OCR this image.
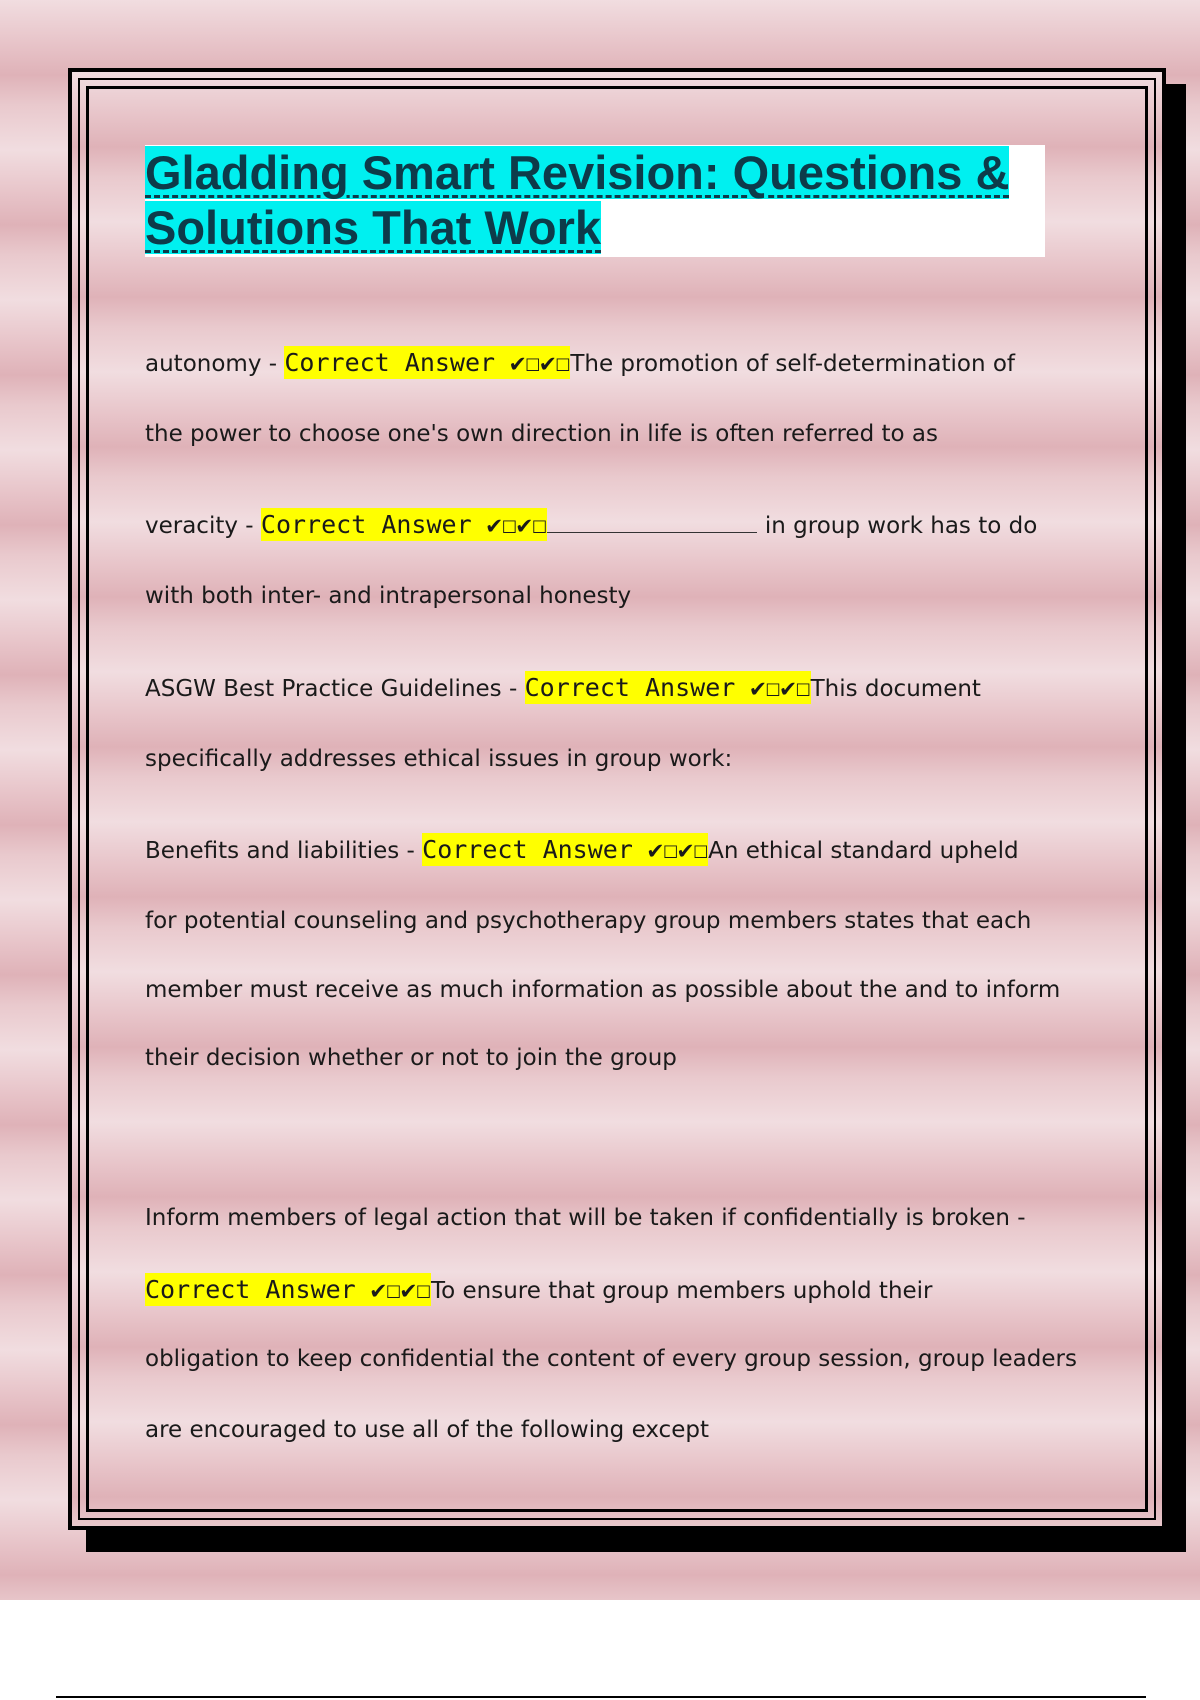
Gladding Smart Revision: Questions & Solutions That Work
autonomy - Correct Answer ✔☐✔☐The promotion of self-determination of
the power to choose one's own direction in life is often referred to as
veracity - Correct Answer ✔☐✔☐	in group work has to do
with both inter- and intrapersonal honesty
ASGW Best Practice Guidelines - Correct Answer ✔☐✔☐This document
specifically addresses ethical issues in group work:
Benefits and liabilities - Correct Answer ✔☐✔☐An ethical standard upheld
for potential counseling and psychotherapy group members states that each
member must receive as much information as possible about the and to inform
their decision whether or not to join the group
Inform members of legal action that will be taken if confidentially is broken -
Correct Answer ✔☐✔☐To ensure that group members uphold their
obligation to keep confidential the content of every group session, group leaders
are encouraged to use all of the following except
